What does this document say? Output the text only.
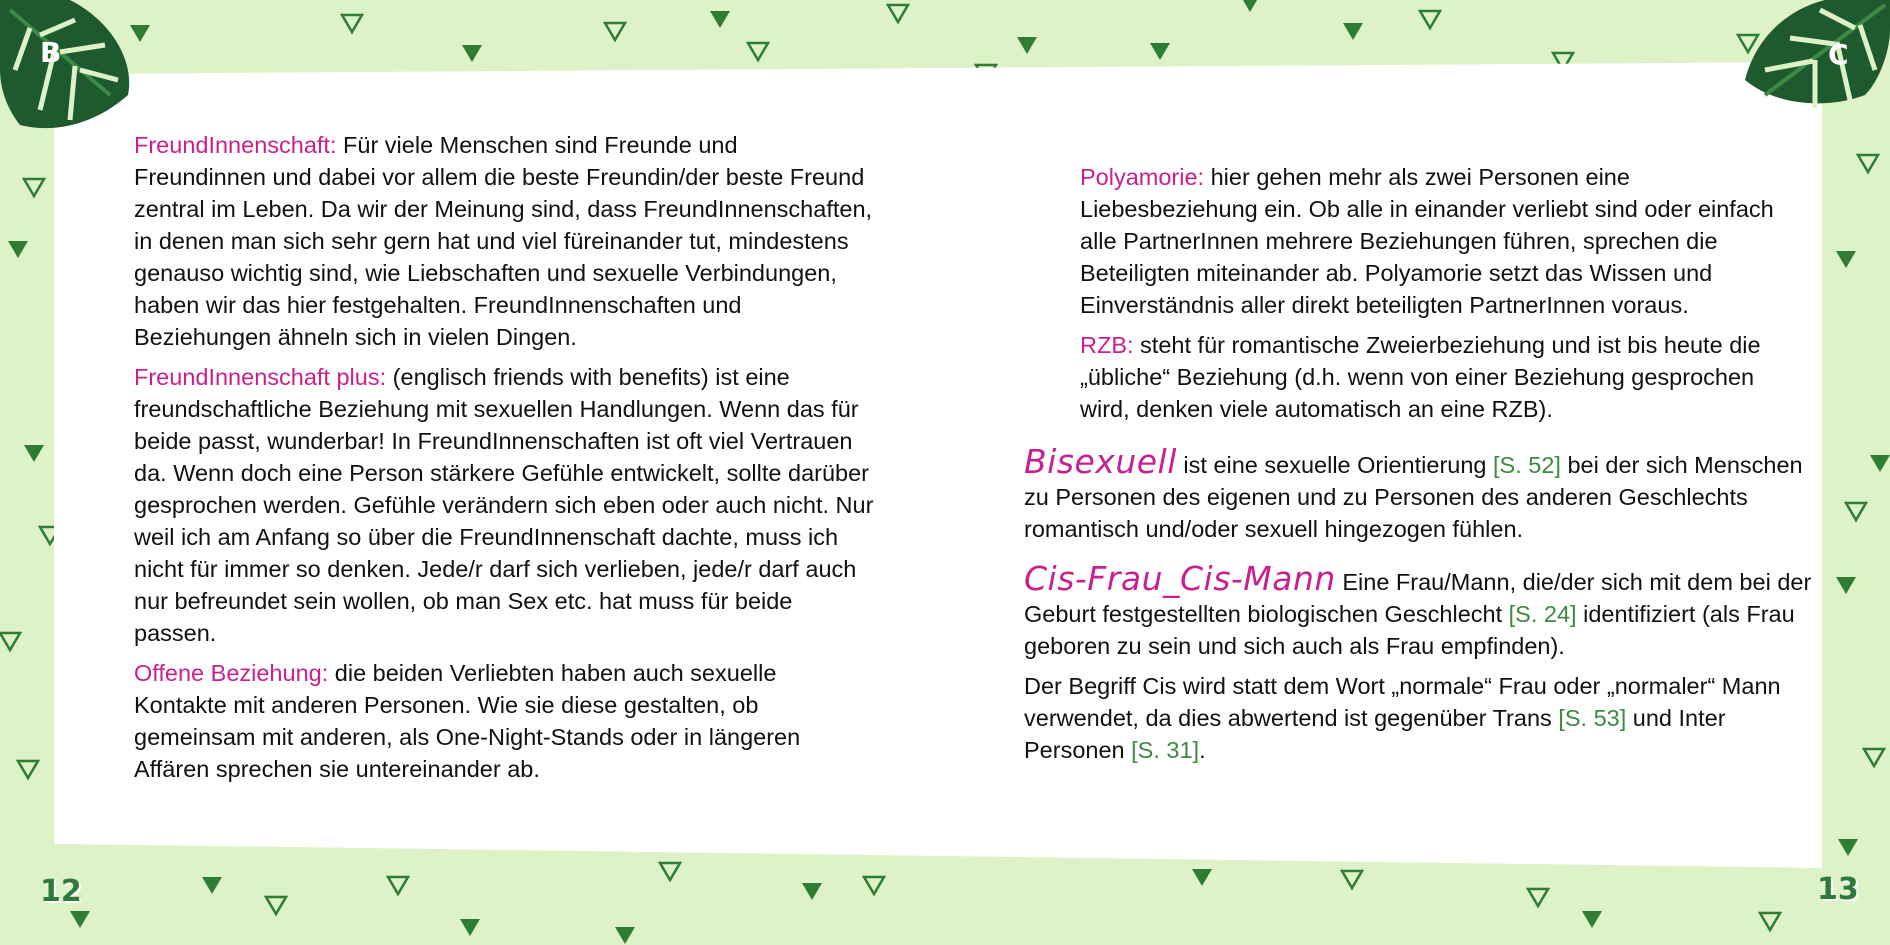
B	C
12	13

FreundInnenschaft: Für viele Menschen sind Freunde und Freundinnen und dabei vor allem die beste Freundin/der beste Freund zentral im Leben. Da wir der Meinung sind, dass FreundInnenschaften, in denen man sich sehr gern hat und viel füreinander tut, mindestens genauso wichtig sind, wie Liebschaften und sexuelle Verbindungen, haben wir das hier festgehalten. FreundInnenschaften und Beziehungen ähneln sich in vielen Dingen.

FreundInnenschaft plus: (englisch friends with benefits) ist eine freundschaftliche Beziehung mit sexuellen Handlungen. Wenn das für beide passt, wunderbar! In FreundInnenschaften ist oft viel Vertrauen da. Wenn doch eine Person stärkere Gefühle entwickelt, sollte darüber gesprochen werden. Gefühle verändern sich eben oder auch nicht. Nur weil ich am Anfang so über die FreundInnenschaft dachte, muss ich nicht für immer so denken. Jede/r darf sich verlieben, jede/r darf auch nur befreundet sein wollen, ob man Sex etc. hat muss für beide passen.

Offene Beziehung: die beiden Verliebten haben auch sexuelle Kontakte mit anderen Personen. Wie sie diese gestalten, ob gemeinsam mit anderen, als One-Night-Stands oder in längeren Affären sprechen sie untereinander ab.

Polyamorie: hier gehen mehr als zwei Personen eine Liebesbeziehung ein. Ob alle in einander verliebt sind oder einfach alle PartnerInnen mehrere Beziehungen führen, sprechen die Beteiligten miteinander ab. Polyamorie setzt das Wissen und Einverständnis aller direkt beteiligten PartnerInnen voraus.

RZB: steht für romantische Zweierbeziehung und ist bis heute die „übliche“ Beziehung (d.h. wenn von einer Beziehung gesprochen wird, denken viele automatisch an eine RZB).

Bisexuell ist eine sexuelle Orientierung [S. 52] bei der sich Menschen zu Personen des eigenen und zu Personen des anderen Geschlechts romantisch und/oder sexuell hingezogen fühlen.

Cis-Frau_Cis-Mann Eine Frau/Mann, die/der sich mit dem bei der Geburt festgestellten biologischen Geschlecht [S. 24] identifiziert (als Frau geboren zu sein und sich auch als Frau empfinden).

Der Begriff Cis wird statt dem Wort „normale“ Frau oder „normaler“ Mann verwendet, da dies abwertend ist gegenüber Trans [S. 53] und Inter Personen [S. 31].
